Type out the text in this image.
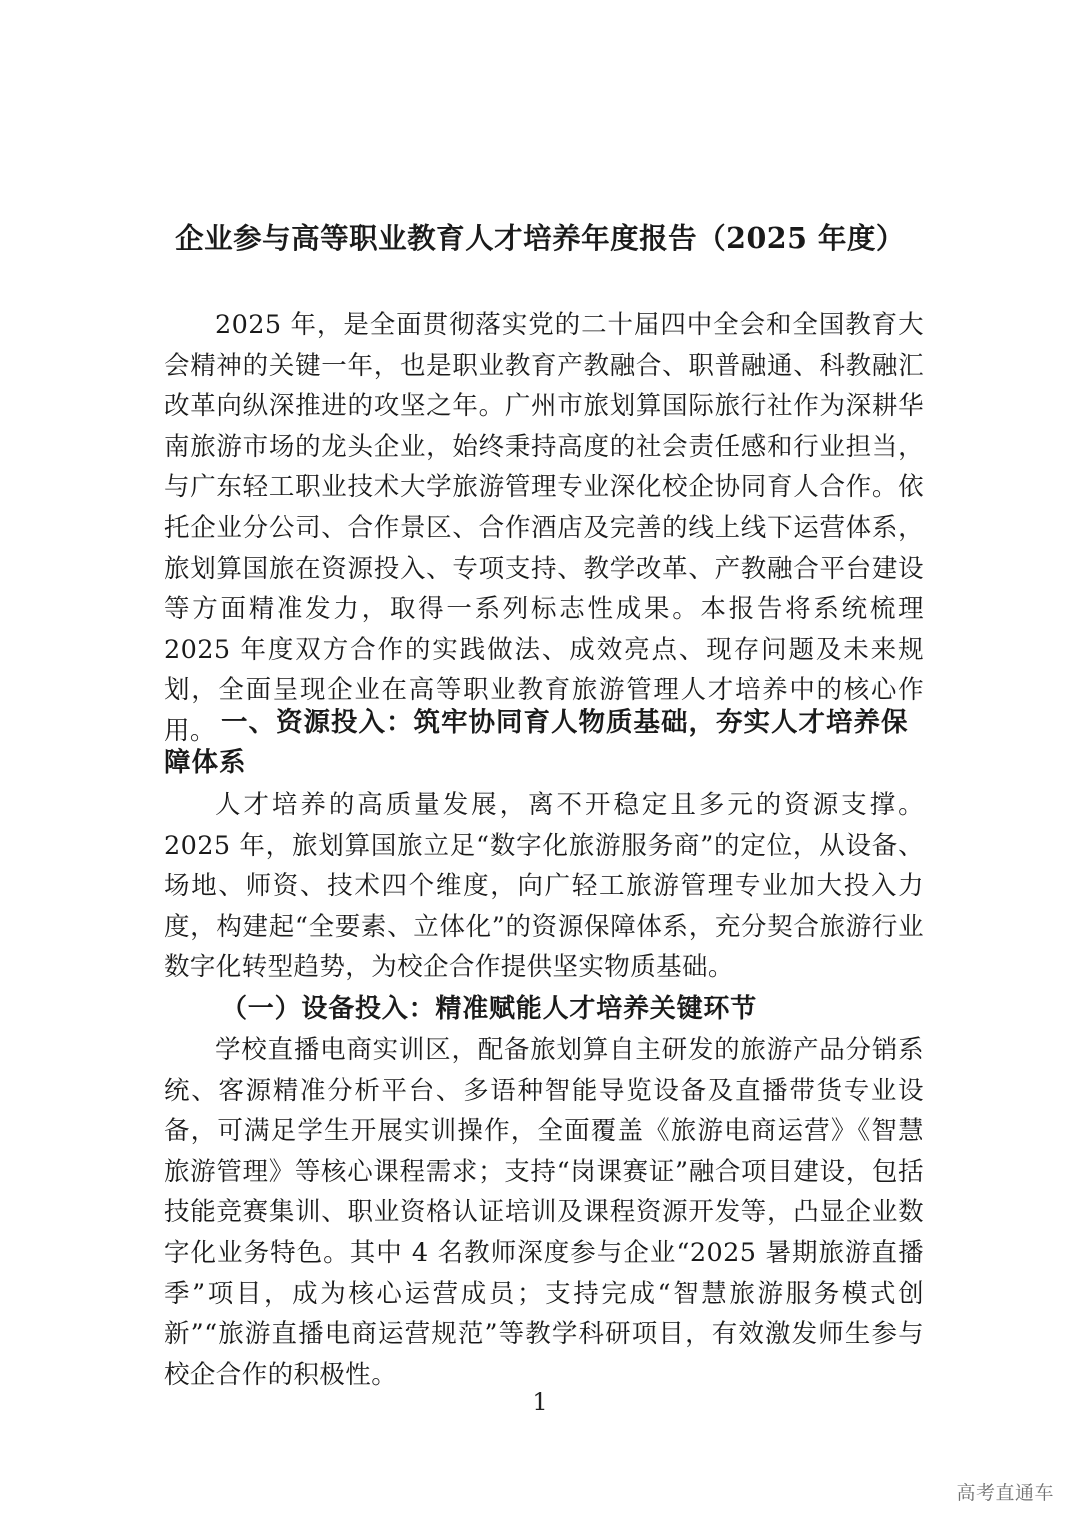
企业参与高等职业教育人才培养年度报告（2025 年度）

2025 年，是全面贯彻落实党的二十届四中全会和全国教育大会精神的关键一年，也是职业教育产教融合、职普融通、科教融汇改革向纵深推进的攻坚之年。广州市旅划算国际旅行社作为深耕华南旅游市场的龙头企业，始终秉持高度的社会责任感和行业担当，与广东轻工职业技术大学旅游管理专业深化校企协同育人合作。依托企业分公司、合作景区、合作酒店及完善的线上线下运营体系，旅划算国旅在资源投入、专项支持、教学改革、产教融合平台建设等方面精准发力，取得一系列标志性成果。本报告将系统梳理 2025 年度双方合作的实践做法、成效亮点、现存问题及未来规划，全面呈现企业在高等职业教育旅游管理人才培养中的核心作用。 一、资源投入：筑牢协同育人物质基础，夯实人才培养保障体系

人才培养的高质量发展，离不开稳定且多元的资源支撑。2025 年，旅划算国旅立足“数字化旅游服务商”的定位，从设备、场地、师资、技术四个维度，向广轻工旅游管理专业加大投入力度，构建起“全要素、立体化”的资源保障体系，充分契合旅游行业数字化转型趋势，为校企合作提供坚实物质基础。

（一）设备投入：精准赋能人才培养关键环节

学校直播电商实训区，配备旅划算自主研发的旅游产品分销系统、客源精准分析平台、多语种智能导览设备及直播带货专业设备，可满足学生开展实训操作，全面覆盖《旅游电商运营》《智慧旅游管理》等核心课程需求；支持“岗课赛证”融合项目建设，包括技能竞赛集训、职业资格认证培训及课程资源开发等，凸显企业数字化业务特色。其中 4 名教师深度参与企业“2025 暑期旅游直播季”项目，成为核心运营成员；支持完成“智慧旅游服务模式创新”“旅游直播电商运营规范”等教学科研项目，有效激发师生参与校企合作的积极性。

1
高考直通车
